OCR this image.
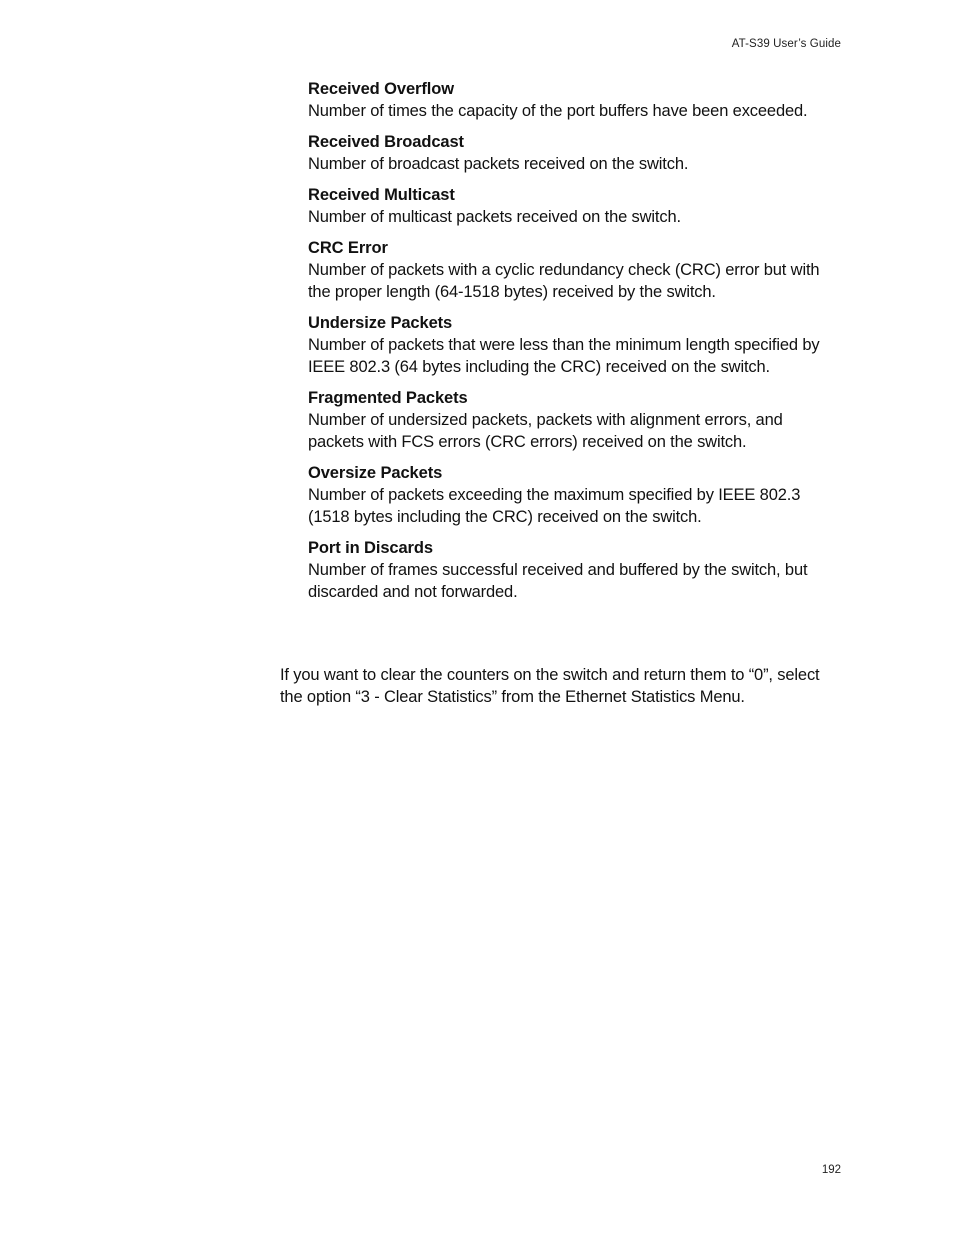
AT-S39 User’s Guide
Received Overflow
Number of times the capacity of the port buffers have been exceeded.
Received Broadcast
Number of broadcast packets received on the switch.
Received Multicast
Number of multicast packets received on the switch.
CRC Error
Number of packets with a cyclic redundancy check (CRC) error but with the proper length (64-1518 bytes) received by the switch.
Undersize Packets
Number of packets that were less than the minimum length specified by IEEE 802.3 (64 bytes including the CRC) received on the switch.
Fragmented Packets
Number of undersized packets, packets with alignment errors, and packets with FCS errors (CRC errors) received on the switch.
Oversize Packets
Number of packets exceeding the maximum specified by IEEE 802.3 (1518 bytes including the CRC) received on the switch.
Port in Discards
Number of frames successful received and buffered by the switch, but discarded and not forwarded.

If you want to clear the counters on the switch and return them to “0”, select the option “3 - Clear Statistics” from the Ethernet Statistics Menu.

192
